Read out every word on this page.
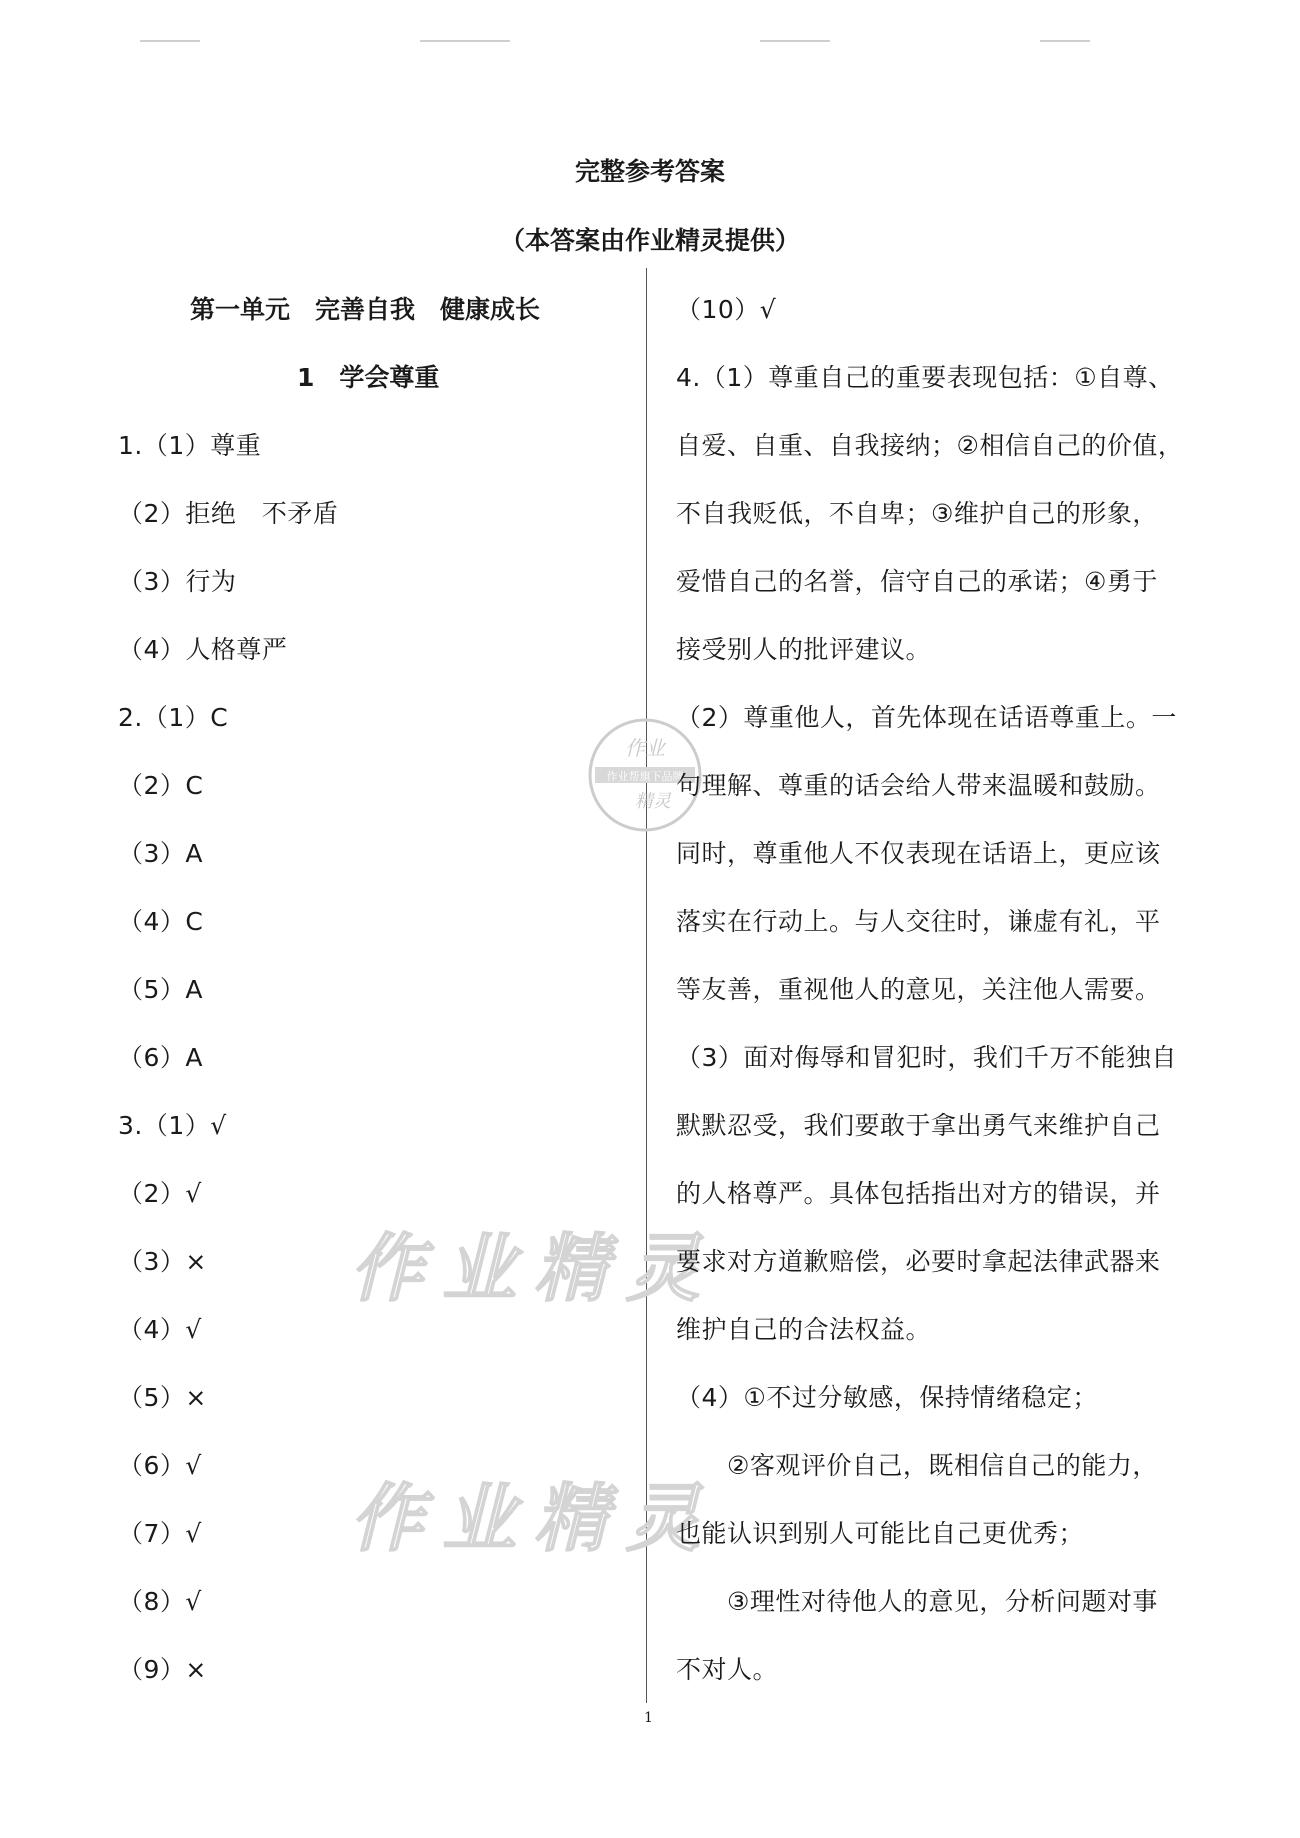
完整参考答案
（本答案由作业精灵提供）
作业精灵
作业精灵
作业
作业帮旗下品牌
精灵
第一单元　完善自我　健康成长
1　学会尊重
1.（1）尊重
（2）拒绝　不矛盾
（3）行为
（4）人格尊严
2.（1）C
（2）C
（3）A
（4）C
（5）A
（6）A
3.（1）√
（2）√
（3）×
（4）√
（5）×
（6）√
（7）√
（8）√
（9）×
（10）√
4.（1）尊重自己的重要表现包括：①自尊、
自爱、自重、自我接纳；②相信自己的价值，
不自我贬低，不自卑；③维护自己的形象，
爱惜自己的名誉，信守自己的承诺；④勇于
接受别人的批评建议。
（2）尊重他人，首先体现在话语尊重上。一
句理解、尊重的话会给人带来温暖和鼓励。
同时，尊重他人不仅表现在话语上，更应该
落实在行动上。与人交往时，谦虚有礼，平
等友善，重视他人的意见，关注他人需要。
（3）面对侮辱和冒犯时，我们千万不能独自
默默忍受，我们要敢于拿出勇气来维护自己
的人格尊严。具体包括指出对方的错误，并
要求对方道歉赔偿，必要时拿起法律武器来
维护自己的合法权益。
（4）①不过分敏感，保持情绪稳定；
　　②客观评价自己，既相信自己的能力，
也能认识到别人可能比自己更优秀；
　　③理性对待他人的意见，分析问题对事
不对人。
1
